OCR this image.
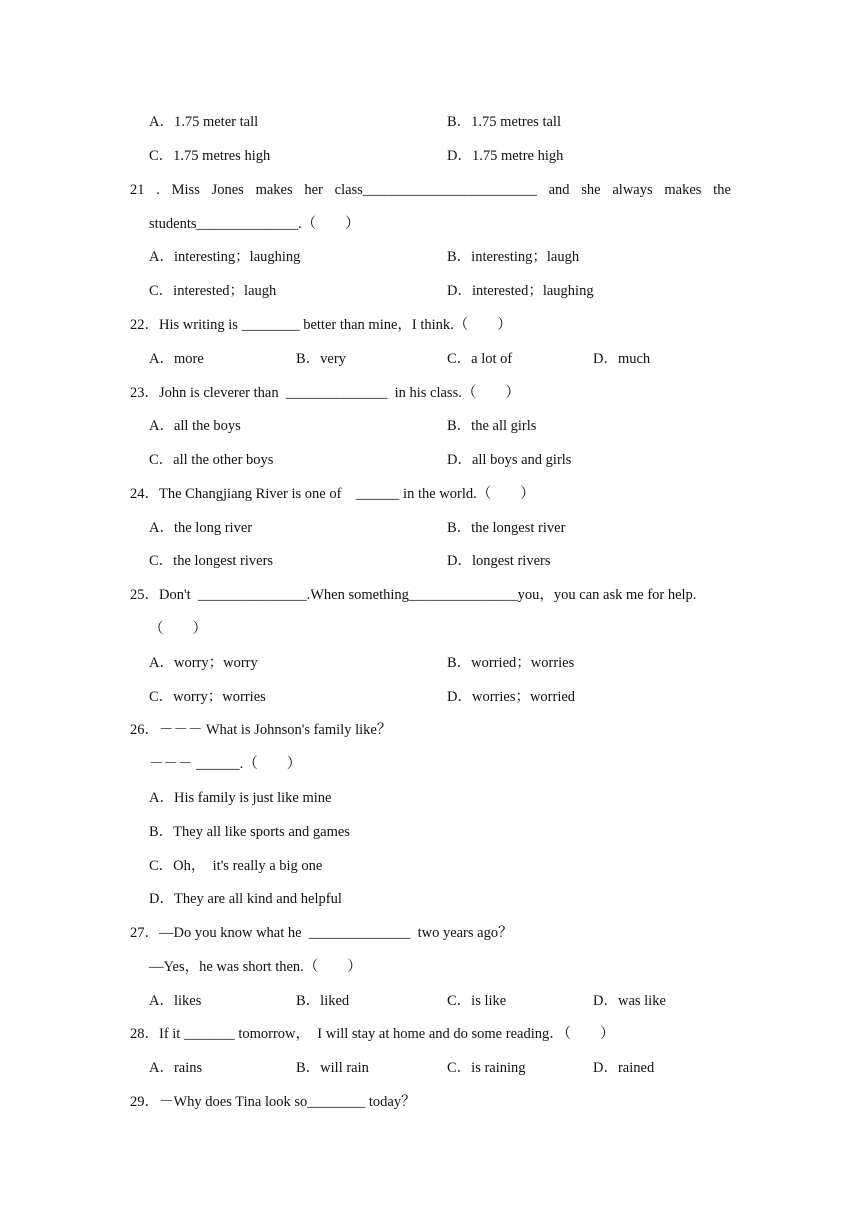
A．1.75 meter tall	B．1.75 metres tall
C．1.75 metres high	D．1.75 metre high
21 . Miss Jones makes her class________________________ and she always makes the
students______________.（　　）
A．interesting；laughing	B．interesting；laugh
C．interested；laugh	D．interested；laughing
22．His writing is ________ better than mine，I think.（　　）
A．more	B．very	C．a lot of	D．much
23．John is cleverer than  ______________  in his class.（　　）
A．all the boys	B．the all girls
C．all the other boys	D．all boys and girls
24．The Changjiang River is one of    ______ in the world.（　　）
A．the long river	B．the longest river
C．the longest rivers	D．longest rivers
25．Don't  _______________.When something_______________you，you can ask me for help.
（　　）
A．worry；worry	B．worried；worries
C．worry；worries	D．worries；worried
26．－－－ What is Johnson's family like？
－－－ ______.（　　）
A．His family is just like mine
B．They all like sports and games
C．Oh，  it's really a big one
D．They are all kind and helpful
27．—Do you know what he  ______________  two years ago？
—Yes，he was short then.（　　）
A．likes	B．liked	C．is like	D．was like
28．If it _______ tomorrow，  I will stay at home and do some reading．（　　）
A．rains	B．will rain	C．is raining	D．rained
29．－Why does Tina look so________ today？
